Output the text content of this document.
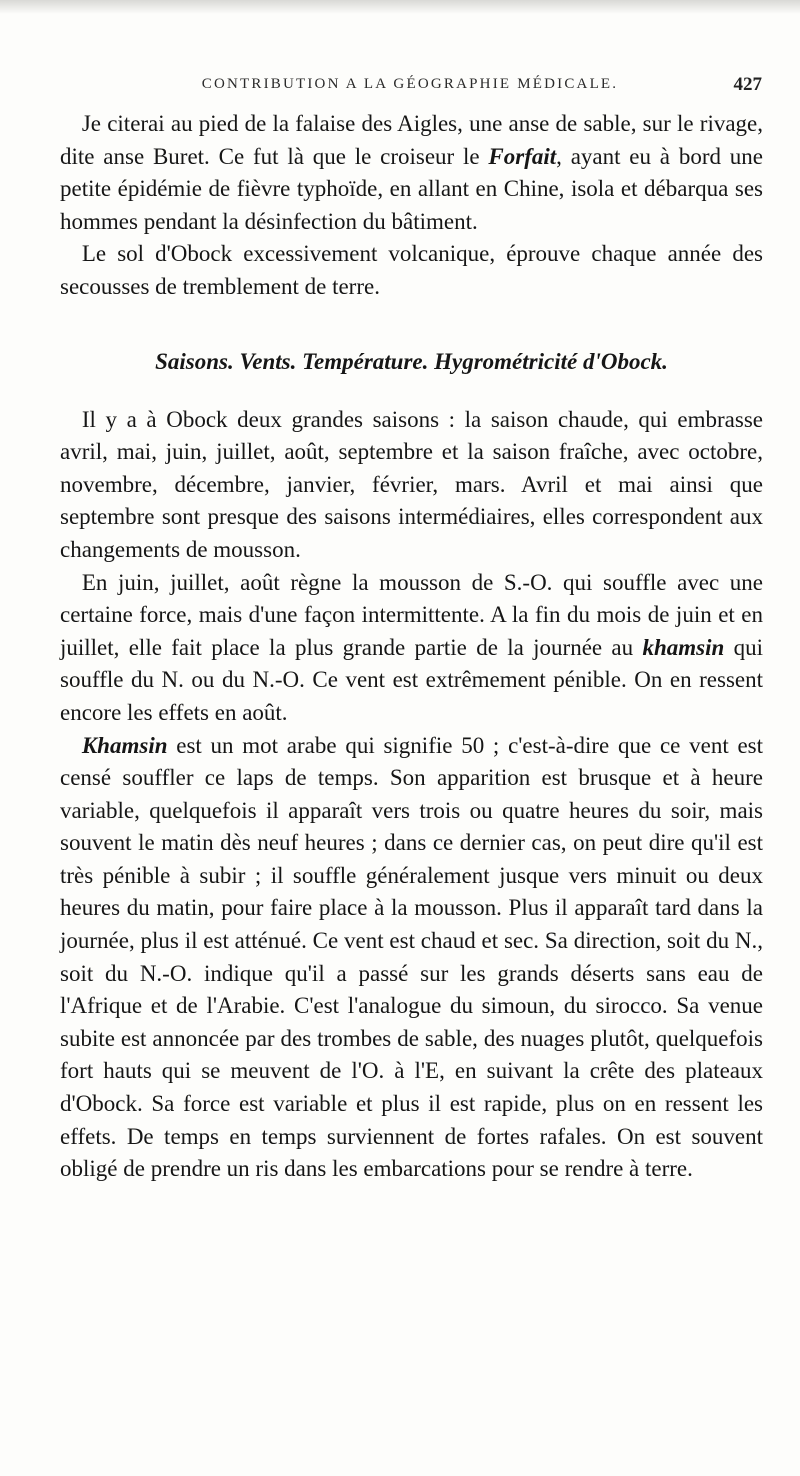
CONTRIBUTION A LA GÉOGRAPHIE MÉDICALE.	427

Je citerai au pied de la falaise des Aigles, une anse de sable, sur le rivage, dite anse Buret. Ce fut là que le croiseur le Forfait, ayant eu à bord une petite épidémie de fièvre typhoïde, en allant en Chine, isola et débarqua ses hommes pendant la désinfection du bâtiment.

Le sol d'Obock excessivement volcanique, éprouve chaque année des secousses de tremblement de terre.

Saisons. Vents. Température. Hygrométricité d'Obock.

Il y a à Obock deux grandes saisons : la saison chaude, qui embrasse avril, mai, juin, juillet, août, septembre et la saison fraîche, avec octobre, novembre, décembre, janvier, février, mars. Avril et mai ainsi que septembre sont presque des saisons intermédiaires, elles correspondent aux changements de mousson.

En juin, juillet, août règne la mousson de S.-O. qui souffle avec une certaine force, mais d'une façon intermittente. A la fin du mois de juin et en juillet, elle fait place la plus grande partie de la journée au khamsin qui souffle du N. ou du N.-O. Ce vent est extrêmement pénible. On en ressent encore les effets en août.

Khamsin est un mot arabe qui signifie 50 ; c'est-à-dire que ce vent est censé souffler ce laps de temps. Son apparition est brusque et à heure variable, quelquefois il apparaît vers trois ou quatre heures du soir, mais souvent le matin dès neuf heures ; dans ce dernier cas, on peut dire qu'il est très pénible à subir ; il souffle généralement jusque vers minuit ou deux heures du matin, pour faire place à la mousson. Plus il apparaît tard dans la journée, plus il est atténué. Ce vent est chaud et sec. Sa direction, soit du N., soit du N.-O. indique qu'il a passé sur les grands déserts sans eau de l'Afrique et de l'Arabie. C'est l'analogue du simoun, du sirocco. Sa venue subite est annoncée par des trombes de sable, des nuages plutôt, quelquefois fort hauts qui se meuvent de l'O. à l'E, en suivant la crête des plateaux d'Obock. Sa force est variable et plus il est rapide, plus on en ressent les effets. De temps en temps surviennent de fortes rafales. On est souvent obligé de prendre un ris dans les embarcations pour se rendre à terre.
